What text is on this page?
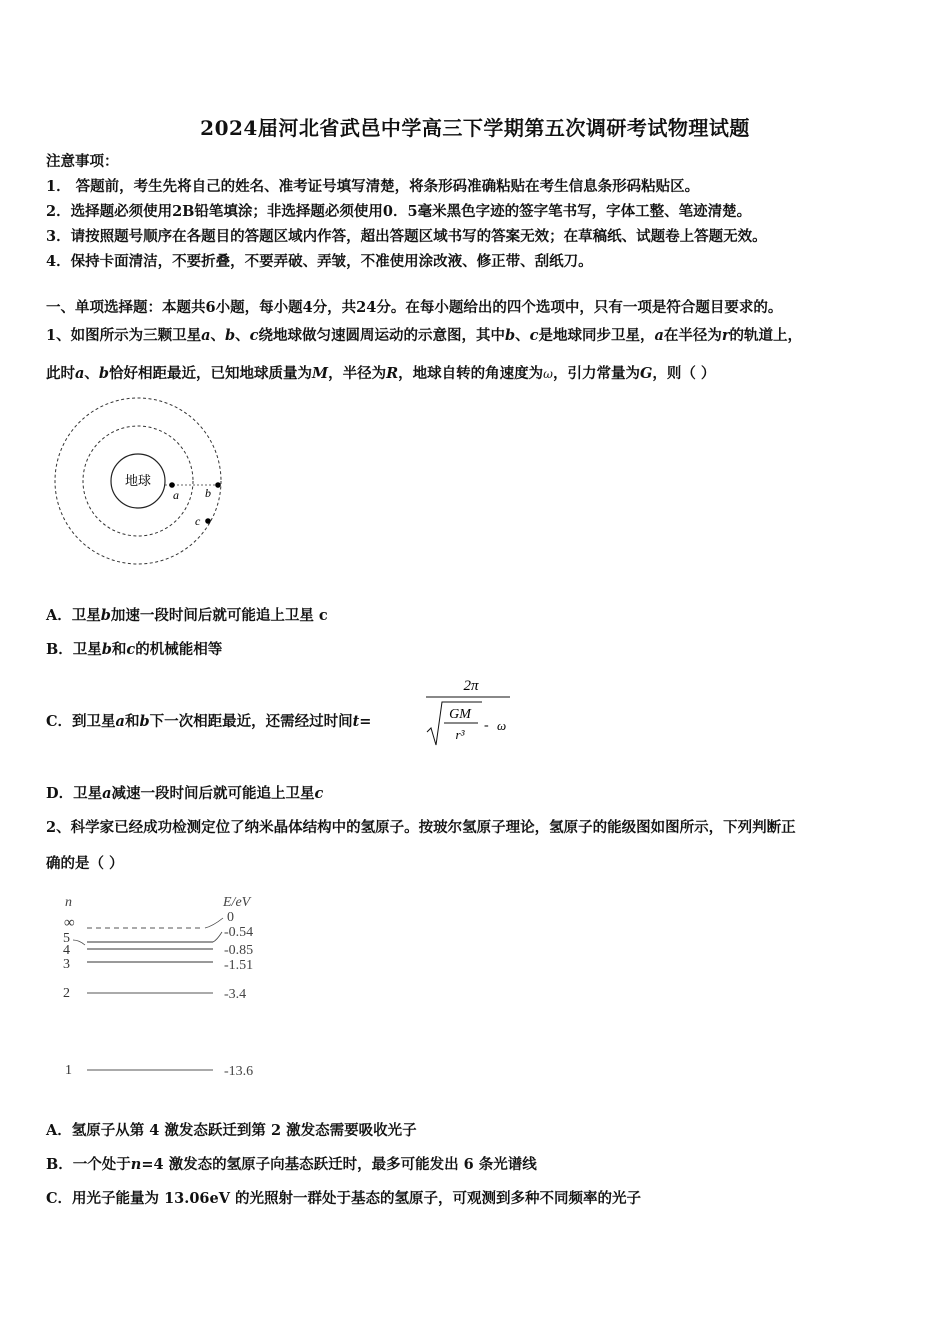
2024届河北省武邑中学高三下学期第五次调研考试物理试题
注意事项：
1． 答题前，考生先将自己的姓名、准考证号填写清楚，将条形码准确粘贴在考生信息条形码粘贴区。
2．选择题必须使用2B铅笔填涂；非选择题必须使用0．5毫米黑色字迹的签字笔书写，字体工整、笔迹清楚。
3．请按照题号顺序在各题目的答题区域内作答，超出答题区域书写的答案无效；在草稿纸、试题卷上答题无效。
4．保持卡面清洁，不要折叠，不要弄破、弄皱，不准使用涂改液、修正带、刮纸刀。
一、单项选择题：本题共6小题，每小题4分，共24分。在每小题给出的四个选项中，只有一项是符合题目要求的。
1、如图所示为三颗卫星a、b、c绕地球做匀速圆周运动的示意图，其中b、c是地球同步卫星，a在半径为r的轨道上，
此时a、b恰好相距最近，已知地球质量为M，半径为R，地球自转的角速度为ω，引力常量为G，则（ ）
地球
a b
c
A．卫星b加速一段时间后就可能追上卫星 c
B．卫星b和c的机械能相等
C．到卫星a和b下一次相距最近，还需经过时间t=
2π
GM
r³
- ω
D．卫星a减速一段时间后就可能追上卫星c
2、科学家已经成功检测定位了纳米晶体结构中的氢原子。按玻尔氢原子理论，氢原子的能级图如图所示，下列判断正
确的是（ ）
n	E/eV
∞	0
5	-0.54
4	-0.85
3	-1.51
2	-3.4
1	-13.6
A．氢原子从第 4 激发态跃迁到第 2 激发态需要吸收光子
B．一个处于n=4 激发态的氢原子向基态跃迁时，最多可能发出 6 条光谱线
C．用光子能量为 13.06eV 的光照射一群处于基态的氢原子，可观测到多种不同频率的光子
